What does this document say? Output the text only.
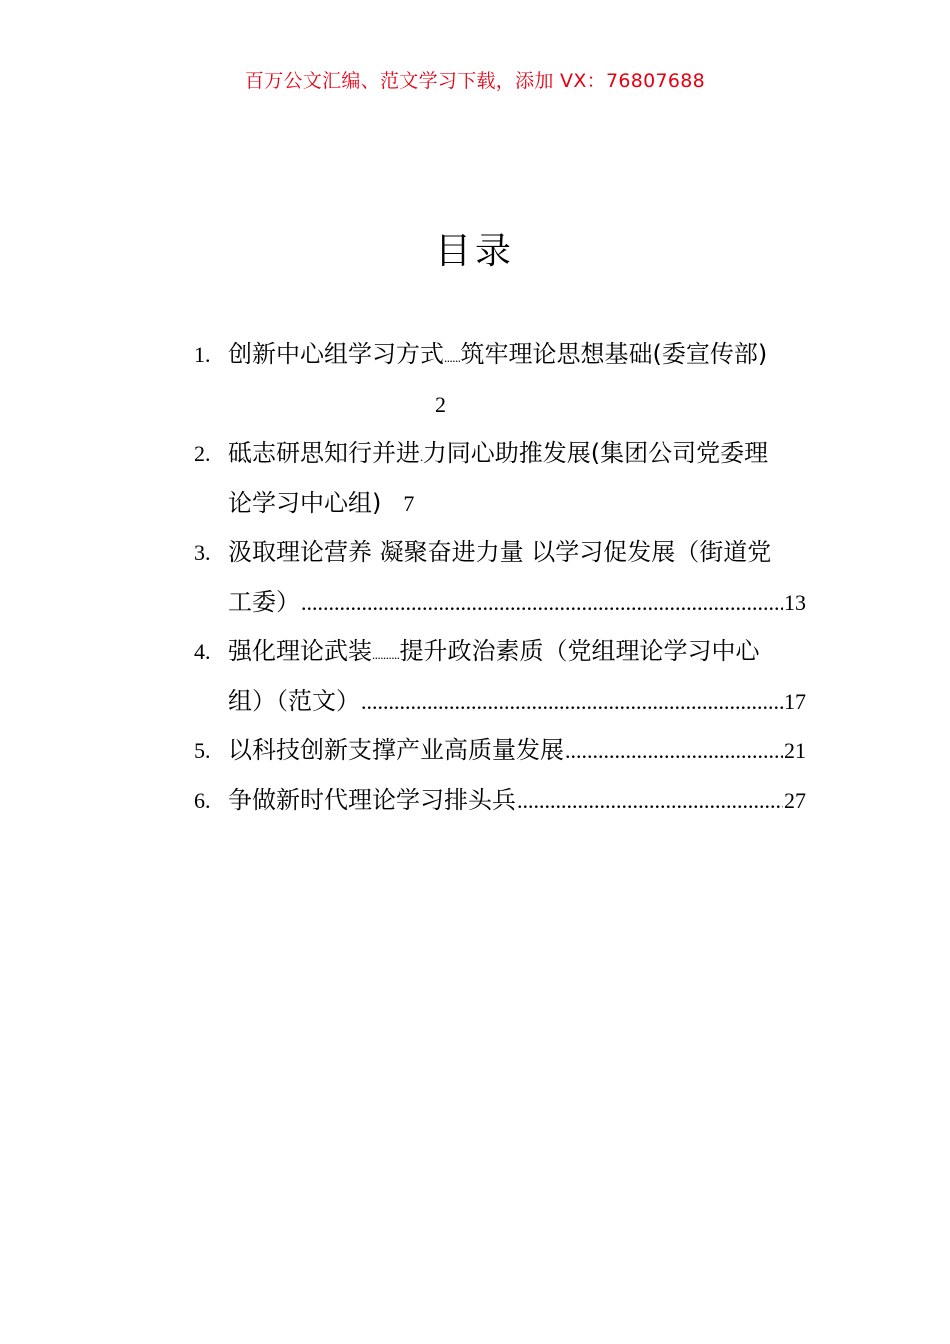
百万公文汇编、范文学习下载，添加 VX：76807688
目录
1. 创新中心组学习方式 ...... 筑牢理论思想基础(委宣传部)
2
2. 砥志研思知行并进 . 力同心助推发展(集团公司党委理
论学习中心组) 7
3. 汲取理论营养 凝聚奋进力量 以学习促发展（街道党
工委） .....	13
4. 强化理论武装 .......... 提升政治素质（党组理论学习中心
组）（范文） .....	17
5. 以科技创新支撑产业高质量发展 .....	21
6. 争做新时代理论学习排头兵 .....	27
